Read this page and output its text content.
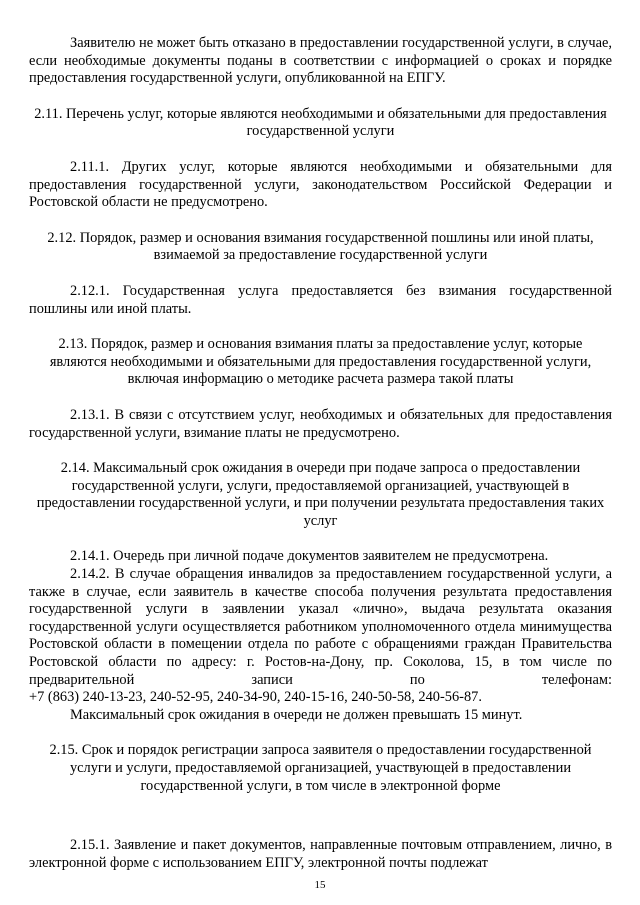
Заявителю не может быть отказано в предоставлении государственной услуги, в случае, если необходимые документы поданы в соответствии с информацией о сроках и порядке предоставления государственной услуги, опубликованной на ЕПГУ.

2.11. Перечень услуг, которые являются необходимыми и обязательными для предоставления государственной услуги

2.11.1. Других услуг, которые являются необходимыми и обязательными для предоставления государственной услуги, законодательством Российской Федерации и Ростовской области не предусмотрено.

2.12. Порядок, размер и основания взимания государственной пошлины или иной платы, взимаемой за предоставление государственной услуги

2.12.1. Государственная услуга предоставляется без взимания государственной пошлины или иной платы.

2.13. Порядок, размер и основания взимания платы за предоставление услуг, которые являются необходимыми и обязательными для предоставления государственной услуги, включая информацию о методике расчета размера такой платы

2.13.1. В связи с отсутствием услуг, необходимых и обязательных для предоставления государственной услуги, взимание платы не предусмотрено.

2.14. Максимальный срок ожидания в очереди при подаче запроса о предоставлении государственной услуги, услуги, предоставляемой организацией, участвующей в предоставлении государственной услуги, и при получении результата предоставления таких услуг

2.14.1. Очередь при личной подаче документов заявителем не предусмотрена.

2.14.2. В случае обращения инвалидов за предоставлением государственной услуги, а также в случае, если заявитель в качестве способа получения результата предоставления государственной услуги в заявлении указал «лично», выдача результата оказания государственной услуги осуществляется работником уполномоченного отдела минимущества Ростовской области в помещении отдела по работе с обращениями граждан Правительства Ростовской области по адресу: г. Ростов-на-Дону, пр. Соколова, 15, в том числе по предварительной записи по телефонам:

+7 (863) 240-13-23, 240-52-95, 240-34-90, 240-15-16, 240-50-58, 240-56-87.

Максимальный срок ожидания в очереди не должен превышать 15 минут.

2.15. Срок и порядок регистрации запроса заявителя о предоставлении государственной услуги и услуги, предоставляемой организацией, участвующей в предоставлении государственной услуги, в том числе в электронной форме

2.15.1. Заявление и пакет документов, направленные почтовым отправлением, лично, в электронной форме с использованием ЕПГУ, электронной почты подлежат

15
